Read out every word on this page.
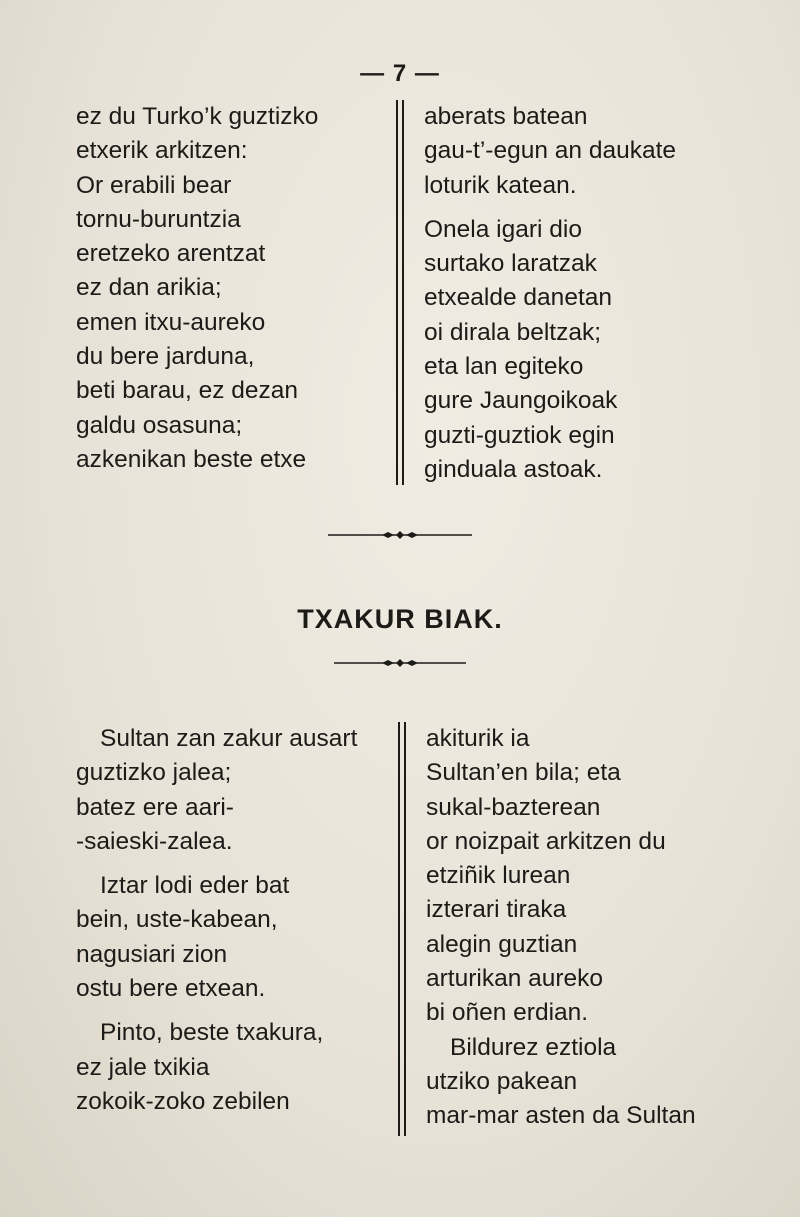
— 7 —
ez du Turko’k guztizko
etxerik arkitzen:
Or erabili bear
tornu-buruntzia
eretzeko arentzat
ez dan arikia;
emen itxu-aureko
du bere jarduna,
beti barau, ez dezan
galdu osasuna;
azkenikan beste etxe
aberats batean
gau-t’-egun an daukate
loturik katean.
Onela igari dio
surtako laratzak
etxealde danetan
oi dirala beltzak;
eta lan egiteko
gure Jaungoikoak
guzti-guztiok egin
ginduala astoak.
TXAKUR BIAK.
Sultan zan zakur ausart
guztizko jalea;
batez ere aari-
-saieski-zalea.
Iztar lodi eder bat
bein, uste-kabean,
nagusiari zion
ostu bere etxean.
Pinto, beste txakura,
ez jale txikia
zokoik-zoko zebilen
akiturik ia
Sultan’en bila; eta
sukal-bazterean
or noizpait arkitzen du
etziñik lurean
izterari tiraka
alegin guztian
arturikan aureko
bi oñen erdian.
Bildurez eztiola
utziko pakean
mar-mar asten da Sultan
